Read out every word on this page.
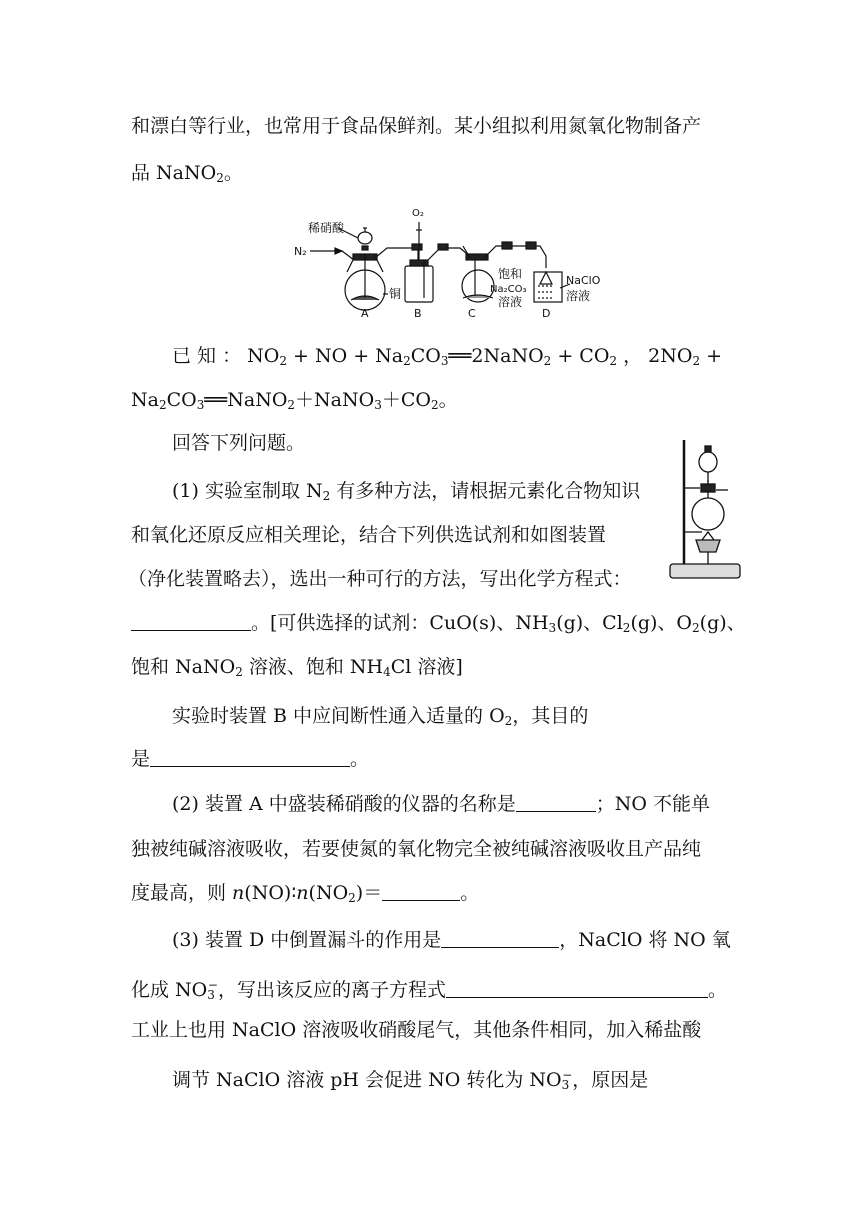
和漂白等行业，也常用于食品保鲜剂。某小组拟利用氮氧化物制备产
品 NaNO$_2$。
稀硝酸
N₂
O₂
铜
饱和
Na₂CO₃
溶液
NaClO
溶液
A	B	C	D
已 知 ： $NO_2$ + NO + $Na_2CO_3══2NaNO_2 + CO_2$ ， $2NO_2$ +
$Na_2CO_3══NaNO_2+NaNO_3+CO_2$。
回答下列问题。
(1) 实验室制取 $N_2$ 有多种方法，请根据元素化合物知识
和氧化还原反应相关理论，结合下列供选试剂和如图装置
（净化装置略去），选出一种可行的方法，写出化学方程式：
。[可供选择的试剂：CuO(s)、$NH_3(g)$、$Cl_2(g)$、$O_2(g)$、
饱和 NaNO$_2$ 溶液、饱和 $NH_4Cl$ 溶液]
实验时装置 B 中应间断性通入适量的 $O_2$，其目的
是	。
(2) 装置 A 中盛装稀硝酸的仪器的名称是	；NO 不能单
独被纯碱溶液吸收，若要使氮的氧化物完全被纯碱溶液吸收且产品纯
度最高，则 $n(NO)∶n(NO_2)=$	。
(3) 装置 D 中倒置漏斗的作用是	，NaClO 将 NO 氧
化成 $NO_3^-$，写出该反应的离子方程式	。
工业上也用 NaClO 溶液吸收硝酸尾气，其他条件相同，加入稀盐酸
调节 NaClO 溶液 pH 会促进 NO 转化为 $NO_3^-$，原因是
